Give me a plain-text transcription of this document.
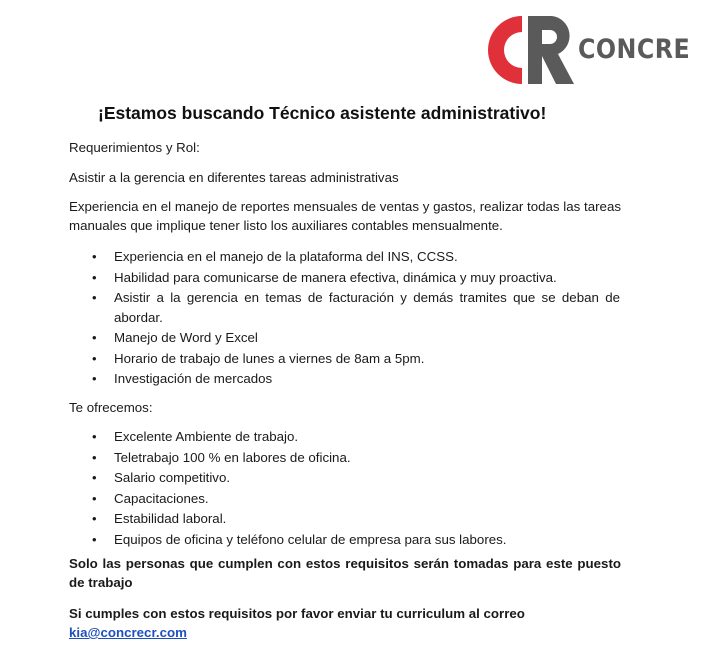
CONCRE
¡Estamos buscando Técnico asistente administrativo!
Requerimientos y Rol:
Asistir a la gerencia en diferentes tareas administrativas
Experiencia en el manejo de reportes mensuales de ventas y gastos, realizar todas las tareas manuales que implique tener listo los auxiliares contables mensualmente.
• Experiencia en el manejo de la plataforma del INS, CCSS.
• Habilidad para comunicarse de manera efectiva, dinámica y muy proactiva.
• Asistir a la gerencia en temas de facturación y demás tramites que se deban de abordar.
• Manejo de Word y Excel
• Horario de trabajo de lunes a viernes de 8am a 5pm.
• Investigación de mercados
Te ofrecemos:
• Excelente Ambiente de trabajo.
• Teletrabajo 100 % en labores de oficina.
• Salario competitivo.
• Capacitaciones.
• Estabilidad laboral.
• Equipos de oficina y teléfono celular de empresa para sus labores.
Solo las personas que cumplen con estos requisitos serán tomadas para este puesto de trabajo
Si cumples con estos requisitos por favor enviar tu curriculum al correo kia@concrecr.com
